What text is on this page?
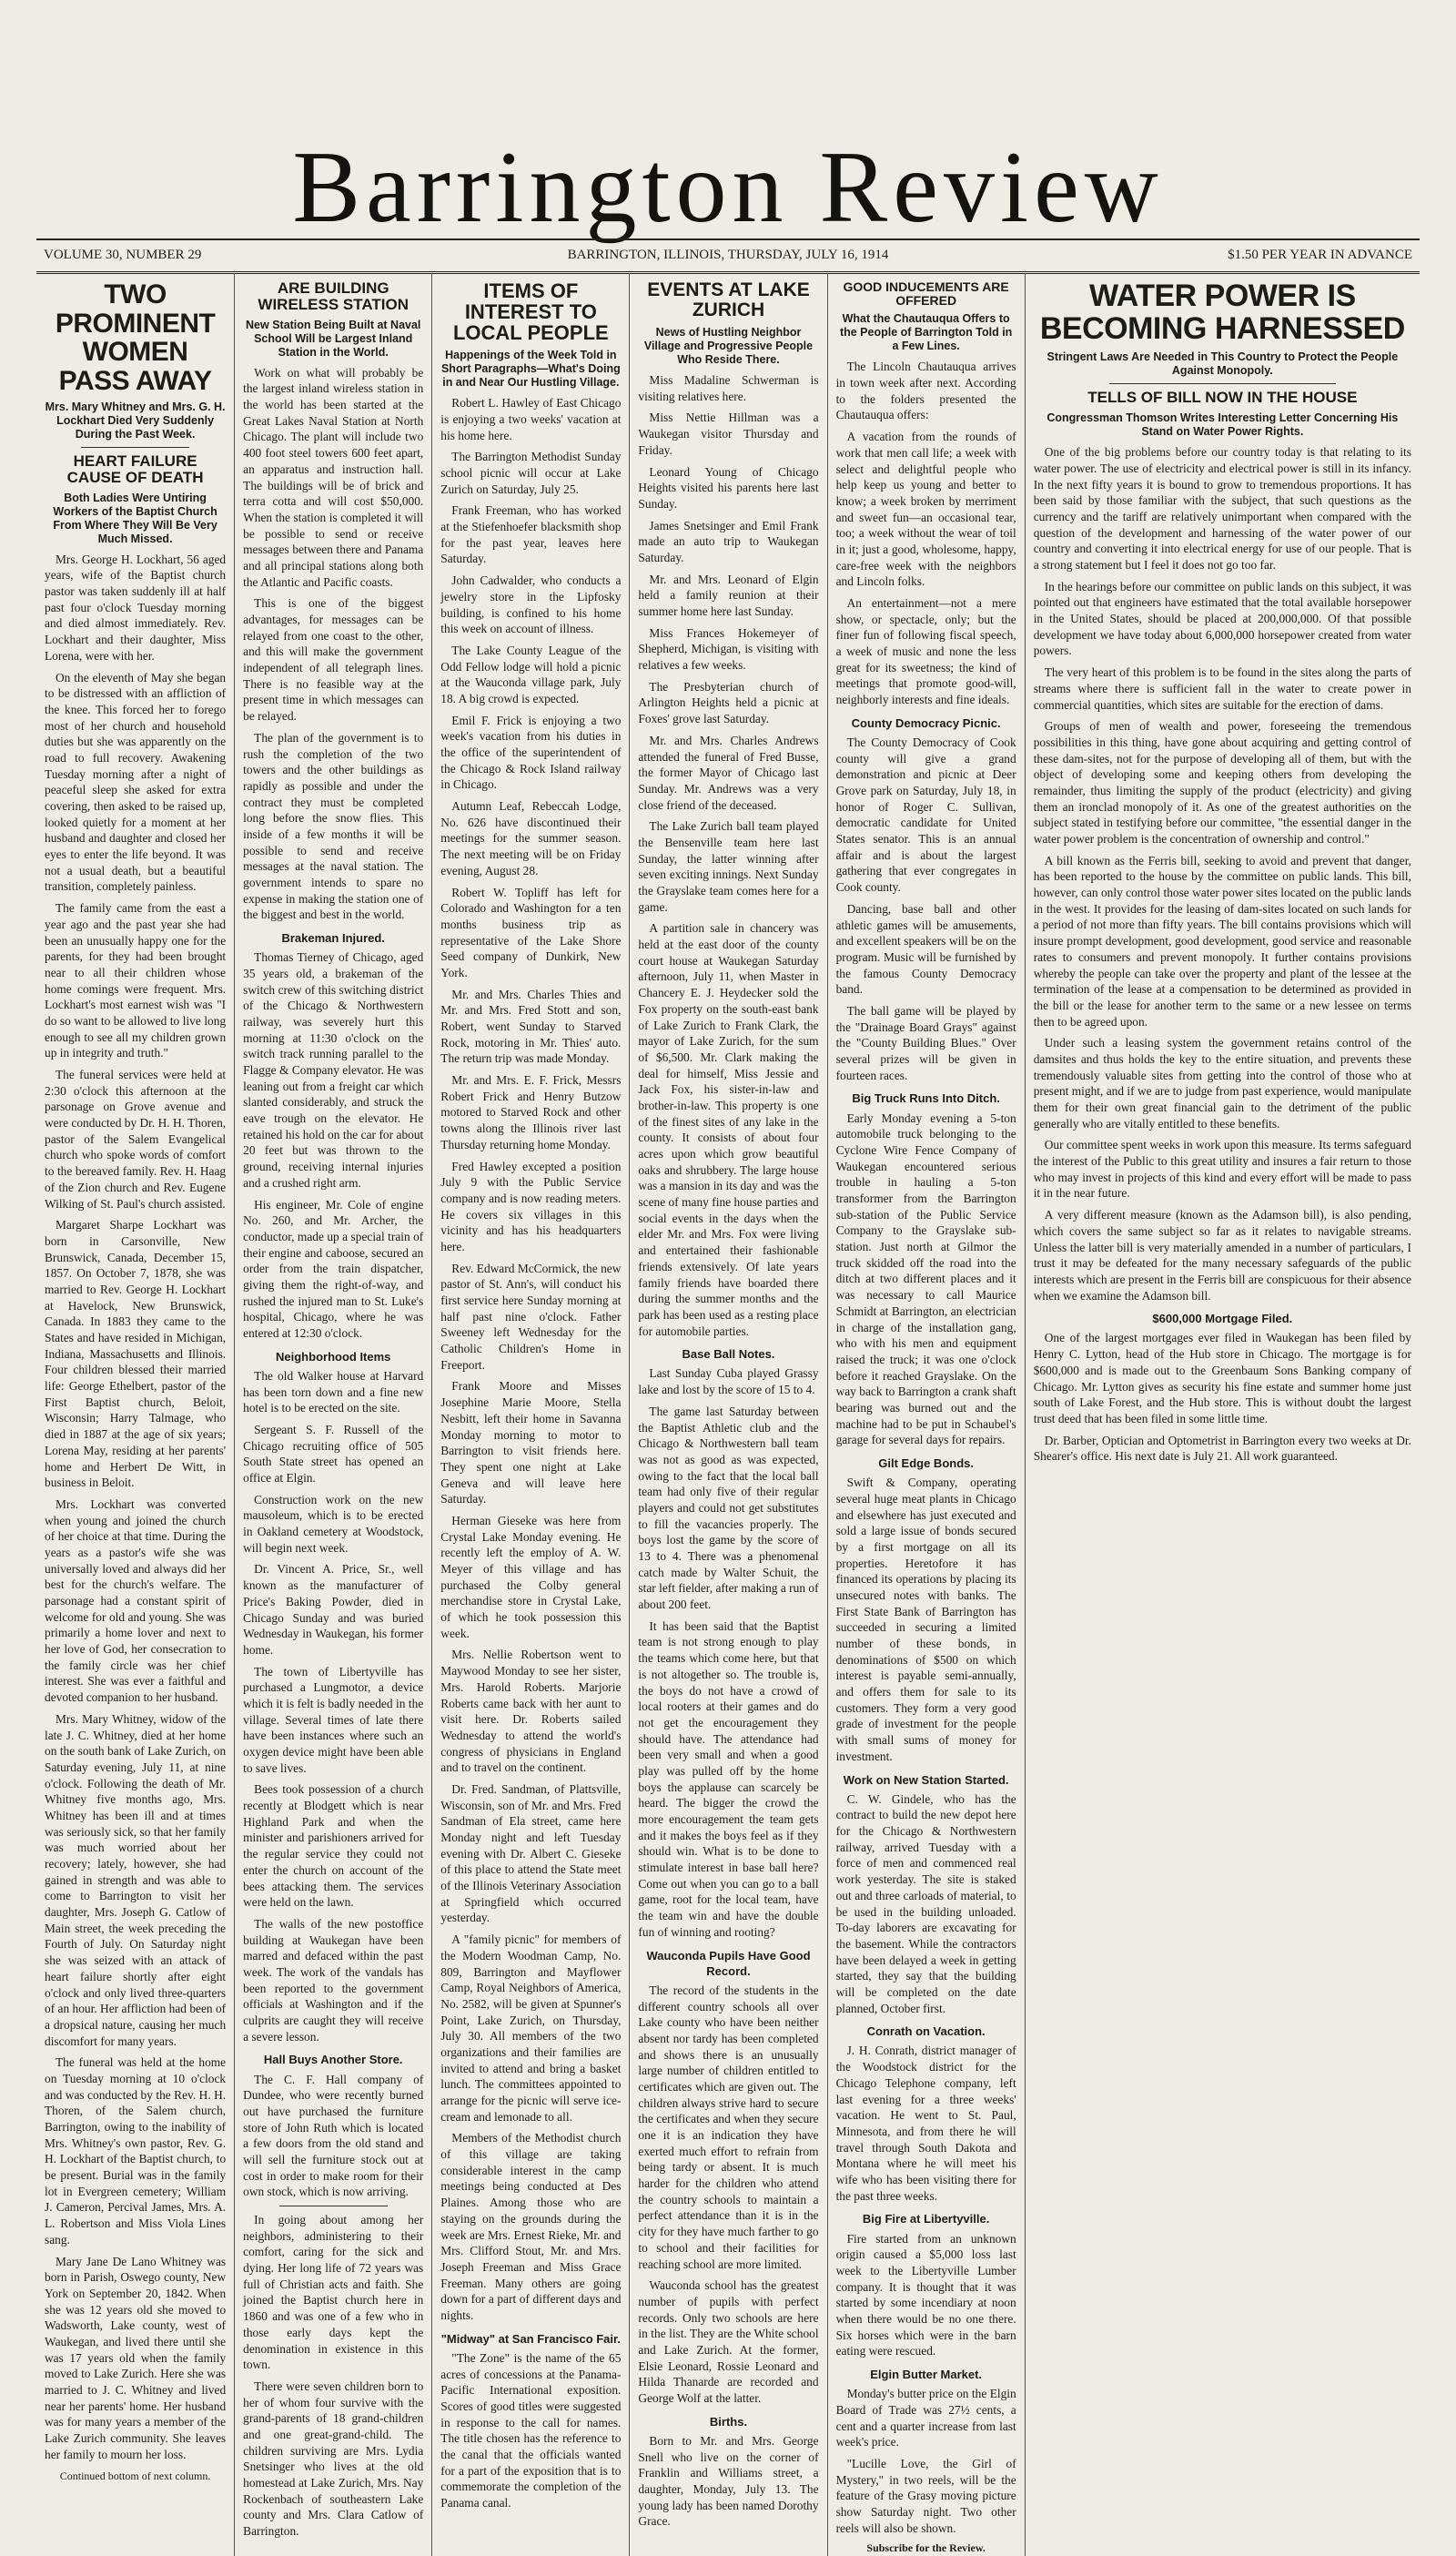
Barrington Review
VOLUME 30, NUMBER 29	BARRINGTON, ILLINOIS, THURSDAY, JULY 16, 1914	$1.50 PER YEAR IN ADVANCE
TWO PROMINENT WOMEN PASS AWAY
Mrs. Mary Whitney and Mrs. G. H. Lockhart Died Very Suddenly During the Past Week.
HEART FAILURE CAUSE OF DEATH
Both Ladies Were Untiring Workers of the Baptist Church From Where They Will Be Very Much Missed.

Mrs. George H. Lockhart, 56 aged years, wife of the Baptist church pastor was taken suddenly ill at half past four o'clock Tuesday morning and died almost immediately. Rev. Lockhart and their daughter, Miss Lorena, were with her.

On the eleventh of May she began to be distressed with an affliction of the knee. This forced her to forego most of her church and household duties but she was apparently on the road to full recovery. Awakening Tuesday morning after a night of peaceful sleep she asked for extra covering, then asked to be raised up, looked quietly for a moment at her husband and daughter and closed her eyes to enter the life beyond. It was not a usual death, but a beautiful transition, completely painless.

The family came from the east a year ago and the past year she had been an unusually happy one for the parents, for they had been brought near to all their children whose home comings were frequent. Mrs. Lockhart's most earnest wish was "I do so want to be allowed to live long enough to see all my children grown up in integrity and truth."

The funeral services were held at 2:30 o'clock this afternoon at the parsonage on Grove avenue and were conducted by Dr. H. H. Thoren, pastor of the Salem Evangelical church who spoke words of comfort to the bereaved family. Rev. H. Haag of the Zion church and Rev. Eugene Wilking of St. Paul's church assisted.

Margaret Sharpe Lockhart was born in Carsonville, New Brunswick, Canada, December 15, 1857. On October 7, 1878, she was married to Rev. George H. Lockhart at Havelock, New Brunswick, Canada. In 1883 they came to the States and have resided in Michigan, Indiana, Massachusetts and Illinois. Four children blessed their married life: George Ethelbert, pastor of the First Baptist church, Beloit, Wisconsin; Harry Talmage, who died in 1887 at the age of six years; Lorena May, residing at her parents' home and Herbert De Witt, in business in Beloit.

Mrs. Lockhart was converted when young and joined the church of her choice at that time. During the years as a pastor's wife she was universally loved and always did her best for the church's welfare. The parsonage had a constant spirit of welcome for old and young. She was primarily a home lover and next to her love of God, her consecration to the family circle was her chief interest. She was ever a faithful and devoted companion to her husband.

Mrs. Mary Whitney, widow of the late J. C. Whitney, died at her home on the south bank of Lake Zurich, on Saturday evening, July 11, at nine o'clock. Following the death of Mr. Whitney five months ago, Mrs. Whitney has been ill and at times was seriously sick, so that her family was much worried about her recovery; lately, however, she had gained in strength and was able to come to Barrington to visit her daughter, Mrs. Joseph G. Catlow of Main street, the week preceding the Fourth of July. On Saturday night she was seized with an attack of heart failure shortly after eight o'clock and only lived three-quarters of an hour. Her affliction had been of a dropsical nature, causing her much discomfort for many years.

The funeral was held at the home on Tuesday morning at 10 o'clock and was conducted by the Rev. H. H. Thoren, of the Salem church, Barrington, owing to the inability of Mrs. Whitney's own pastor, Rev. G. H. Lockhart of the Baptist church, to be present. Burial was in the family lot in Evergreen cemetery; William J. Cameron, Percival James, Mrs. A. L. Robertson and Miss Viola Lines sang.

Mary Jane De Lano Whitney was born in Parish, Oswego county, New York on September 20, 1842. When she was 12 years old she moved to Wadsworth, Lake county, west of Waukegan, and lived there until she was 17 years old when the family moved to Lake Zurich. Here she was married to J. C. Whitney and lived near her parents' home. Her husband was for many years a member of the Lake Zurich community. She leaves her family to mourn her loss.

Continued bottom of next column.
ARE BUILDING WIRELESS STATION
New Station Being Built at Naval School Will be Largest Inland Station in the World.

Work on what will probably be the largest inland wireless station in the world has been started at the Great Lakes Naval Station at North Chicago. The plant will include two 400 foot steel towers 600 feet apart, an apparatus and instruction hall. The buildings will be of brick and terra cotta and will cost $50,000. When the station is completed it will be possible to send or receive messages between there and Panama and all principal stations along both the Atlantic and Pacific coasts.

This is one of the biggest advantages, for messages can be relayed from one coast to the other, and this will make the government independent of all telegraph lines. There is no feasible way at the present time in which messages can be relayed.

The plan of the government is to rush the completion of the two towers and the other buildings as rapidly as possible and under the contract they must be completed long before the snow flies. This inside of a few months it will be possible to send and receive messages at the naval station. The government intends to spare no expense in making the station one of the biggest and best in the world.

Brakeman Injured.

Thomas Tierney of Chicago, aged 35 years old, a brakeman of the switch crew of this switching district of the Chicago & Northwestern railway, was severely hurt this morning at 11:30 o'clock on the switch track running parallel to the Flagge & Company elevator. He was leaning out from a freight car which slanted considerably, and struck the eave trough on the elevator. He retained his hold on the car for about 20 feet but was thrown to the ground, receiving internal injuries and a crushed right arm.

His engineer, Mr. Cole of engine No. 260, and Mr. Archer, the conductor, made up a special train of their engine and caboose, secured an order from the train dispatcher, giving them the right-of-way, and rushed the injured man to St. Luke's hospital, Chicago, where he was entered at 12:30 o'clock.

Neighborhood Items

The old Walker house at Harvard has been torn down and a fine new hotel is to be erected on the site.

Sergeant S. F. Russell of the Chicago recruiting office of 505 South State street has opened an office at Elgin.

Construction work on the new mausoleum, which is to be erected in Oakland cemetery at Woodstock, will begin next week.

Dr. Vincent A. Price, Sr., well known as the manufacturer of Price's Baking Powder, died in Chicago Sunday and was buried Wednesday in Waukegan, his former home.

The town of Libertyville has purchased a Lungmotor, a device which it is felt is badly needed in the village. Several times of late there have been instances where such an oxygen device might have been able to save lives.

Bees took possession of a church recently at Blodgett which is near Highland Park and when the minister and parishioners arrived for the regular service they could not enter the church on account of the bees attacking them. The services were held on the lawn.

The walls of the new postoffice building at Waukegan have been marred and defaced within the past week. The work of the vandals has been reported to the government officials at Washington and if the culprits are caught they will receive a severe lesson.

Hall Buys Another Store.

The C. F. Hall company of Dundee, who were recently burned out have purchased the furniture store of John Ruth which is located a few doors from the old stand and will sell the furniture stock out at cost in order to make room for their own stock, which is now arriving.

In going about among her neighbors, administering to their comfort, caring for the sick and dying. Her long life of 72 years was full of Christian acts and faith. She joined the Baptist church here in 1860 and was one of a few who in those early days kept the denomination in existence in this town.

There were seven children born to her of whom four survive with the grand-parents of 18 grand-children and one great-grand-child. The children surviving are Mrs. Lydia Snetsinger who lives at the old homestead at Lake Zurich, Mrs. Nay Rockenbach of southeastern Lake county and Mrs. Clara Catlow of Barrington.

ITEMS OF INTEREST TO LOCAL PEOPLE
Happenings of the Week Told in Short Paragraphs—What's Doing in and Near Our Hustling Village.

Robert L. Hawley of East Chicago is enjoying a two weeks' vacation at his home here.

The Barrington Methodist Sunday school picnic will occur at Lake Zurich on Saturday, July 25.

Frank Freeman, who has worked at the Stiefenhoefer blacksmith shop for the past year, leaves here Saturday.

John Cadwalder, who conducts a jewelry store in the Lipfosky building, is confined to his home this week on account of illness.

The Lake County League of the Odd Fellow lodge will hold a picnic at the Wauconda village park, July 18. A big crowd is expected.

Emil F. Frick is enjoying a two week's vacation from his duties in the office of the superintendent of the Chicago & Rock Island railway in Chicago.

Autumn Leaf, Rebeccah Lodge, No. 626 have discontinued their meetings for the summer season. The next meeting will be on Friday evening, August 28.

Robert W. Topliff has left for Colorado and Washington for a ten months business trip as representative of the Lake Shore Seed company of Dunkirk, New York.

Mr. and Mrs. Charles Thies and Mr. and Mrs. Fred Stott and son, Robert, went Sunday to Starved Rock, motoring in Mr. Thies' auto. The return trip was made Monday.

Mr. and Mrs. E. F. Frick, Messrs Robert Frick and Henry Butzow motored to Starved Rock and other towns along the Illinois river last Thursday returning home Monday.

Fred Hawley excepted a position July 9 with the Public Service company and is now reading meters. He covers six villages in this vicinity and has his headquarters here.

Rev. Edward McCormick, the new pastor of St. Ann's, will conduct his first service here Sunday morning at half past nine o'clock. Father Sweeney left Wednesday for the Catholic Children's Home in Freeport.

Frank Moore and Misses Josephine Marie Moore, Stella Nesbitt, left their home in Savanna Monday morning to motor to Barrington to visit friends here. They spent one night at Lake Geneva and will leave here Saturday.

Herman Gieseke was here from Crystal Lake Monday evening. He recently left the employ of A. W. Meyer of this village and has purchased the Colby general merchandise store in Crystal Lake, of which he took possession this week.

Mrs. Nellie Robertson went to Maywood Monday to see her sister, Mrs. Harold Roberts. Marjorie Roberts came back with her aunt to visit here. Dr. Roberts sailed Wednesday to attend the world's congress of physicians in England and to travel on the continent.

Dr. Fred. Sandman, of Plattsville, Wisconsin, son of Mr. and Mrs. Fred Sandman of Ela street, came here Monday night and left Tuesday evening with Dr. Albert C. Gieseke of this place to attend the State meet of the Illinois Veterinary Association at Springfield which occurred yesterday.

A "family picnic" for members of the Modern Woodman Camp, No. 809, Barrington and Mayflower Camp, Royal Neighbors of America, No. 2582, will be given at Spunner's Point, Lake Zurich, on Thursday, July 30. All members of the two organizations and their families are invited to attend and bring a basket lunch. The committees appointed to arrange for the picnic will serve ice-cream and lemonade to all.

Members of the Methodist church of this village are taking considerable interest in the camp meetings being conducted at Des Plaines. Among those who are staying on the grounds during the week are Mrs. Ernest Rieke, Mr. and Mrs. Clifford Stout, Mr. and Mrs. Joseph Freeman and Miss Grace Freeman. Many others are going down for a part of different days and nights.

"Midway" at San Francisco Fair.

"The Zone" is the name of the 65 acres of concessions at the Panama-Pacific International exposition. Scores of good titles were suggested in response to the call for names. The title chosen has the reference to the canal that the officials wanted for a part of the exposition that is to commemorate the completion of the Panama canal.

EVENTS AT LAKE ZURICH
News of Hustling Neighbor Village and Progressive People Who Reside There.

Miss Madaline Schwerman is visiting relatives here.

Miss Nettie Hillman was a Waukegan visitor Thursday and Friday.

Leonard Young of Chicago Heights visited his parents here last Sunday.

James Snetsinger and Emil Frank made an auto trip to Waukegan Saturday.

Mr. and Mrs. Leonard of Elgin held a family reunion at their summer home here last Sunday.

Miss Frances Hokemeyer of Shepherd, Michigan, is visiting with relatives a few weeks.

The Presbyterian church of Arlington Heights held a picnic at Foxes' grove last Saturday.

Mr. and Mrs. Charles Andrews attended the funeral of Fred Busse, the former Mayor of Chicago last Sunday. Mr. Andrews was a very close friend of the deceased.

The Lake Zurich ball team played the Bensenville team here last Sunday, the latter winning after seven exciting innings. Next Sunday the Grayslake team comes here for a game.

A partition sale in chancery was held at the east door of the county court house at Waukegan Saturday afternoon, July 11, when Master in Chancery E. J. Heydecker sold the Fox property on the south-east bank of Lake Zurich to Frank Clark, the mayor of Lake Zurich, for the sum of $6,500. Mr. Clark making the deal for himself, Miss Jessie and Jack Fox, his sister-in-law and brother-in-law. This property is one of the finest sites of any lake in the county. It consists of about four acres upon which grow beautiful oaks and shrubbery. The large house was a mansion in its day and was the scene of many fine house parties and social events in the days when the elder Mr. and Mrs. Fox were living and entertained their fashionable friends extensively. Of late years family friends have boarded there during the summer months and the park has been used as a resting place for automobile parties.

Base Ball Notes.

Last Sunday Cuba played Grassy lake and lost by the score of 15 to 4.

The game last Saturday between the Baptist Athletic club and the Chicago & Northwestern ball team was not as good as was expected, owing to the fact that the local ball team had only five of their regular players and could not get substitutes to fill the vacancies properly. The boys lost the game by the score of 13 to 4. There was a phenomenal catch made by Walter Schuit, the star left fielder, after making a run of about 200 feet.

It has been said that the Baptist team is not strong enough to play the teams which come here, but that is not altogether so. The trouble is, the boys do not have a crowd of local rooters at their games and do not get the encouragement they should have. The attendance had been very small and when a good play was pulled off by the home boys the applause can scarcely be heard. The bigger the crowd the more encouragement the team gets and it makes the boys feel as if they should win. What is to be done to stimulate interest in base ball here? Come out when you can go to a ball game, root for the local team, have the team win and have the double fun of winning and rooting?

Wauconda Pupils Have Good Record.

The record of the students in the different country schools all over Lake county who have been neither absent nor tardy has been completed and shows there is an unusually large number of children entitled to certificates which are given out. The children always strive hard to secure the certificates and when they secure one it is an indication they have exerted much effort to refrain from being tardy or absent. It is much harder for the children who attend the country schools to maintain a perfect attendance than it is in the city for they have much farther to go to school and their facilities for reaching school are more limited.

Wauconda school has the greatest number of pupils with perfect records. Only two schools are here in the list. They are the White school and Lake Zurich. At the former, Elsie Leonard, Rossie Leonard and Hilda Thanarde are recorded and George Wolf at the latter.

Births.

Born to Mr. and Mrs. George Snell who live on the corner of Franklin and Williams street, a daughter, Monday, July 13. The young lady has been named Dorothy Grace.

GOOD INDUCEMENTS ARE OFFERED
What the Chautauqua Offers to the People of Barrington Told in a Few Lines.

The Lincoln Chautauqua arrives in town week after next. According to the folders presented the Chautauqua offers:

A vacation from the rounds of work that men call life; a week with select and delightful people who help keep us young and better to know; a week broken by merriment and sweet fun—an occasional tear, too; a week without the wear of toil in it; just a good, wholesome, happy, care-free week with the neighbors and Lincoln folks.

An entertainment—not a mere show, or spectacle, only; but the finer fun of following fiscal speech, a week of music and none the less great for its sweetness; the kind of meetings that promote good-will, neighborly interests and fine ideals.

County Democracy Picnic.

The County Democracy of Cook county will give a grand demonstration and picnic at Deer Grove park on Saturday, July 18, in honor of Roger C. Sullivan, democratic candidate for United States senator. This is an annual affair and is about the largest gathering that ever congregates in Cook county.

Dancing, base ball and other athletic games will be amusements, and excellent speakers will be on the program. Music will be furnished by the famous County Democracy band.

The ball game will be played by the "Drainage Board Grays" against the "County Building Blues." Over several prizes will be given in fourteen races.

Big Truck Runs Into Ditch.

Early Monday evening a 5-ton automobile truck belonging to the Cyclone Wire Fence Company of Waukegan encountered serious trouble in hauling a 5-ton transformer from the Barrington sub-station of the Public Service Company to the Grayslake sub-station. Just north at Gilmor the truck skidded off the road into the ditch at two different places and it was necessary to call Maurice Schmidt at Barrington, an electrician in charge of the installation gang, who with his men and equipment raised the truck; it was one o'clock before it reached Grayslake. On the way back to Barrington a crank shaft bearing was burned out and the machine had to be put in Schaubel's garage for several days for repairs.

Gilt Edge Bonds.

Swift & Company, operating several huge meat plants in Chicago and elsewhere has just executed and sold a large issue of bonds secured by a first mortgage on all its properties. Heretofore it has financed its operations by placing its unsecured notes with banks. The First State Bank of Barrington has succeeded in securing a limited number of these bonds, in denominations of $500 on which interest is payable semi-annually, and offers them for sale to its customers. They form a very good grade of investment for the people with small sums of money for investment.

Work on New Station Started.

C. W. Gindele, who has the contract to build the new depot here for the Chicago & Northwestern railway, arrived Tuesday with a force of men and commenced real work yesterday. The site is staked out and three carloads of material, to be used in the building unloaded. To-day laborers are excavating for the basement. While the contractors have been delayed a week in getting started, they say that the building will be completed on the date planned, October first.

Conrath on Vacation.

J. H. Conrath, district manager of the Woodstock district for the Chicago Telephone company, left last evening for a three weeks' vacation. He went to St. Paul, Minnesota, and from there he will travel through South Dakota and Montana where he will meet his wife who has been visiting there for the past three weeks.

Big Fire at Libertyville.

Fire started from an unknown origin caused a $5,000 loss last week to the Libertyville Lumber company. It is thought that it was started by some incendiary at noon when there would be no one there. Six horses which were in the barn eating were rescued.

Elgin Butter Market.

Monday's butter price on the Elgin Board of Trade was 27½ cents, a cent and a quarter increase from last week's price.

"Lucille Love, the Girl of Mystery," in two reels, will be the feature of the Grasy moving picture show Saturday night. Two other reels will also be shown.

Subscribe for the Review.
WATER POWER IS BECOMING HARNESSED
Stringent Laws Are Needed in This Country to Protect the People Against Monopoly.
TELLS OF BILL NOW IN THE HOUSE
Congressman Thomson Writes Interesting Letter Concerning His Stand on Water Power Rights.

One of the big problems before our country today is that relating to its water power. The use of electricity and electrical power is still in its infancy. In the next fifty years it is bound to grow to tremendous proportions. It has been said by those familiar with the subject, that such questions as the currency and the tariff are relatively unimportant when compared with the question of the development and harnessing of the water power of our country and converting it into electrical energy for use of our people. That is a strong statement but I feel it does not go too far.

In the hearings before our committee on public lands on this subject, it was pointed out that engineers have estimated that the total available horsepower in the United States, should be placed at 200,000,000. Of that possible development we have today about 6,000,000 horsepower created from water powers.

The very heart of this problem is to be found in the sites along the parts of streams where there is sufficient fall in the water to create power in commercial quantities, which sites are suitable for the erection of dams.

Groups of men of wealth and power, foreseeing the tremendous possibilities in this thing, have gone about acquiring and getting control of these dam-sites, not for the purpose of developing all of them, but with the object of developing some and keeping others from developing the remainder, thus limiting the supply of the product (electricity) and giving them an ironclad monopoly of it. As one of the greatest authorities on the subject stated in testifying before our committee, "the essential danger in the water power problem is the concentration of ownership and control."

A bill known as the Ferris bill, seeking to avoid and prevent that danger, has been reported to the house by the committee on public lands. This bill, however, can only control those water power sites located on the public lands in the west. It provides for the leasing of dam-sites located on such lands for a period of not more than fifty years. The bill contains provisions which will insure prompt development, good development, good service and reasonable rates to consumers and prevent monopoly. It further contains provisions whereby the people can take over the property and plant of the lessee at the termination of the lease at a compensation to be determined as provided in the bill or the lease for another term to the same or a new lessee on terms then to be agreed upon.

Under such a leasing system the government retains control of the damsites and thus holds the key to the entire situation, and prevents these tremendously valuable sites from getting into the control of those who at present might, and if we are to judge from past experience, would manipulate them for their own great financial gain to the detriment of the public generally who are vitally entitled to these benefits.

Our committee spent weeks in work upon this measure. Its terms safeguard the interest of the Public to this great utility and insures a fair return to those who may invest in projects of this kind and every effort will be made to pass it in the near future.

A very different measure (known as the Adamson bill), is also pending, which covers the same subject so far as it relates to navigable streams. Unless the latter bill is very materially amended in a number of particulars, I trust it may be defeated for the many necessary safeguards of the public interests which are present in the Ferris bill are conspicuous for their absence when we examine the Adamson bill.

$600,000 Mortgage Filed.

One of the largest mortgages ever filed in Waukegan has been filed by Henry C. Lytton, head of the Hub store in Chicago. The mortgage is for $600,000 and is made out to the Greenbaum Sons Banking company of Chicago. Mr. Lytton gives as security his fine estate and summer home just south of Lake Forest, and the Hub store. This is without doubt the largest trust deed that has been filed in some little time.

Dr. Barber, Optician and Optometrist in Barrington every two weeks at Dr. Shearer's office. His next date is July 21. All work guaranteed.
